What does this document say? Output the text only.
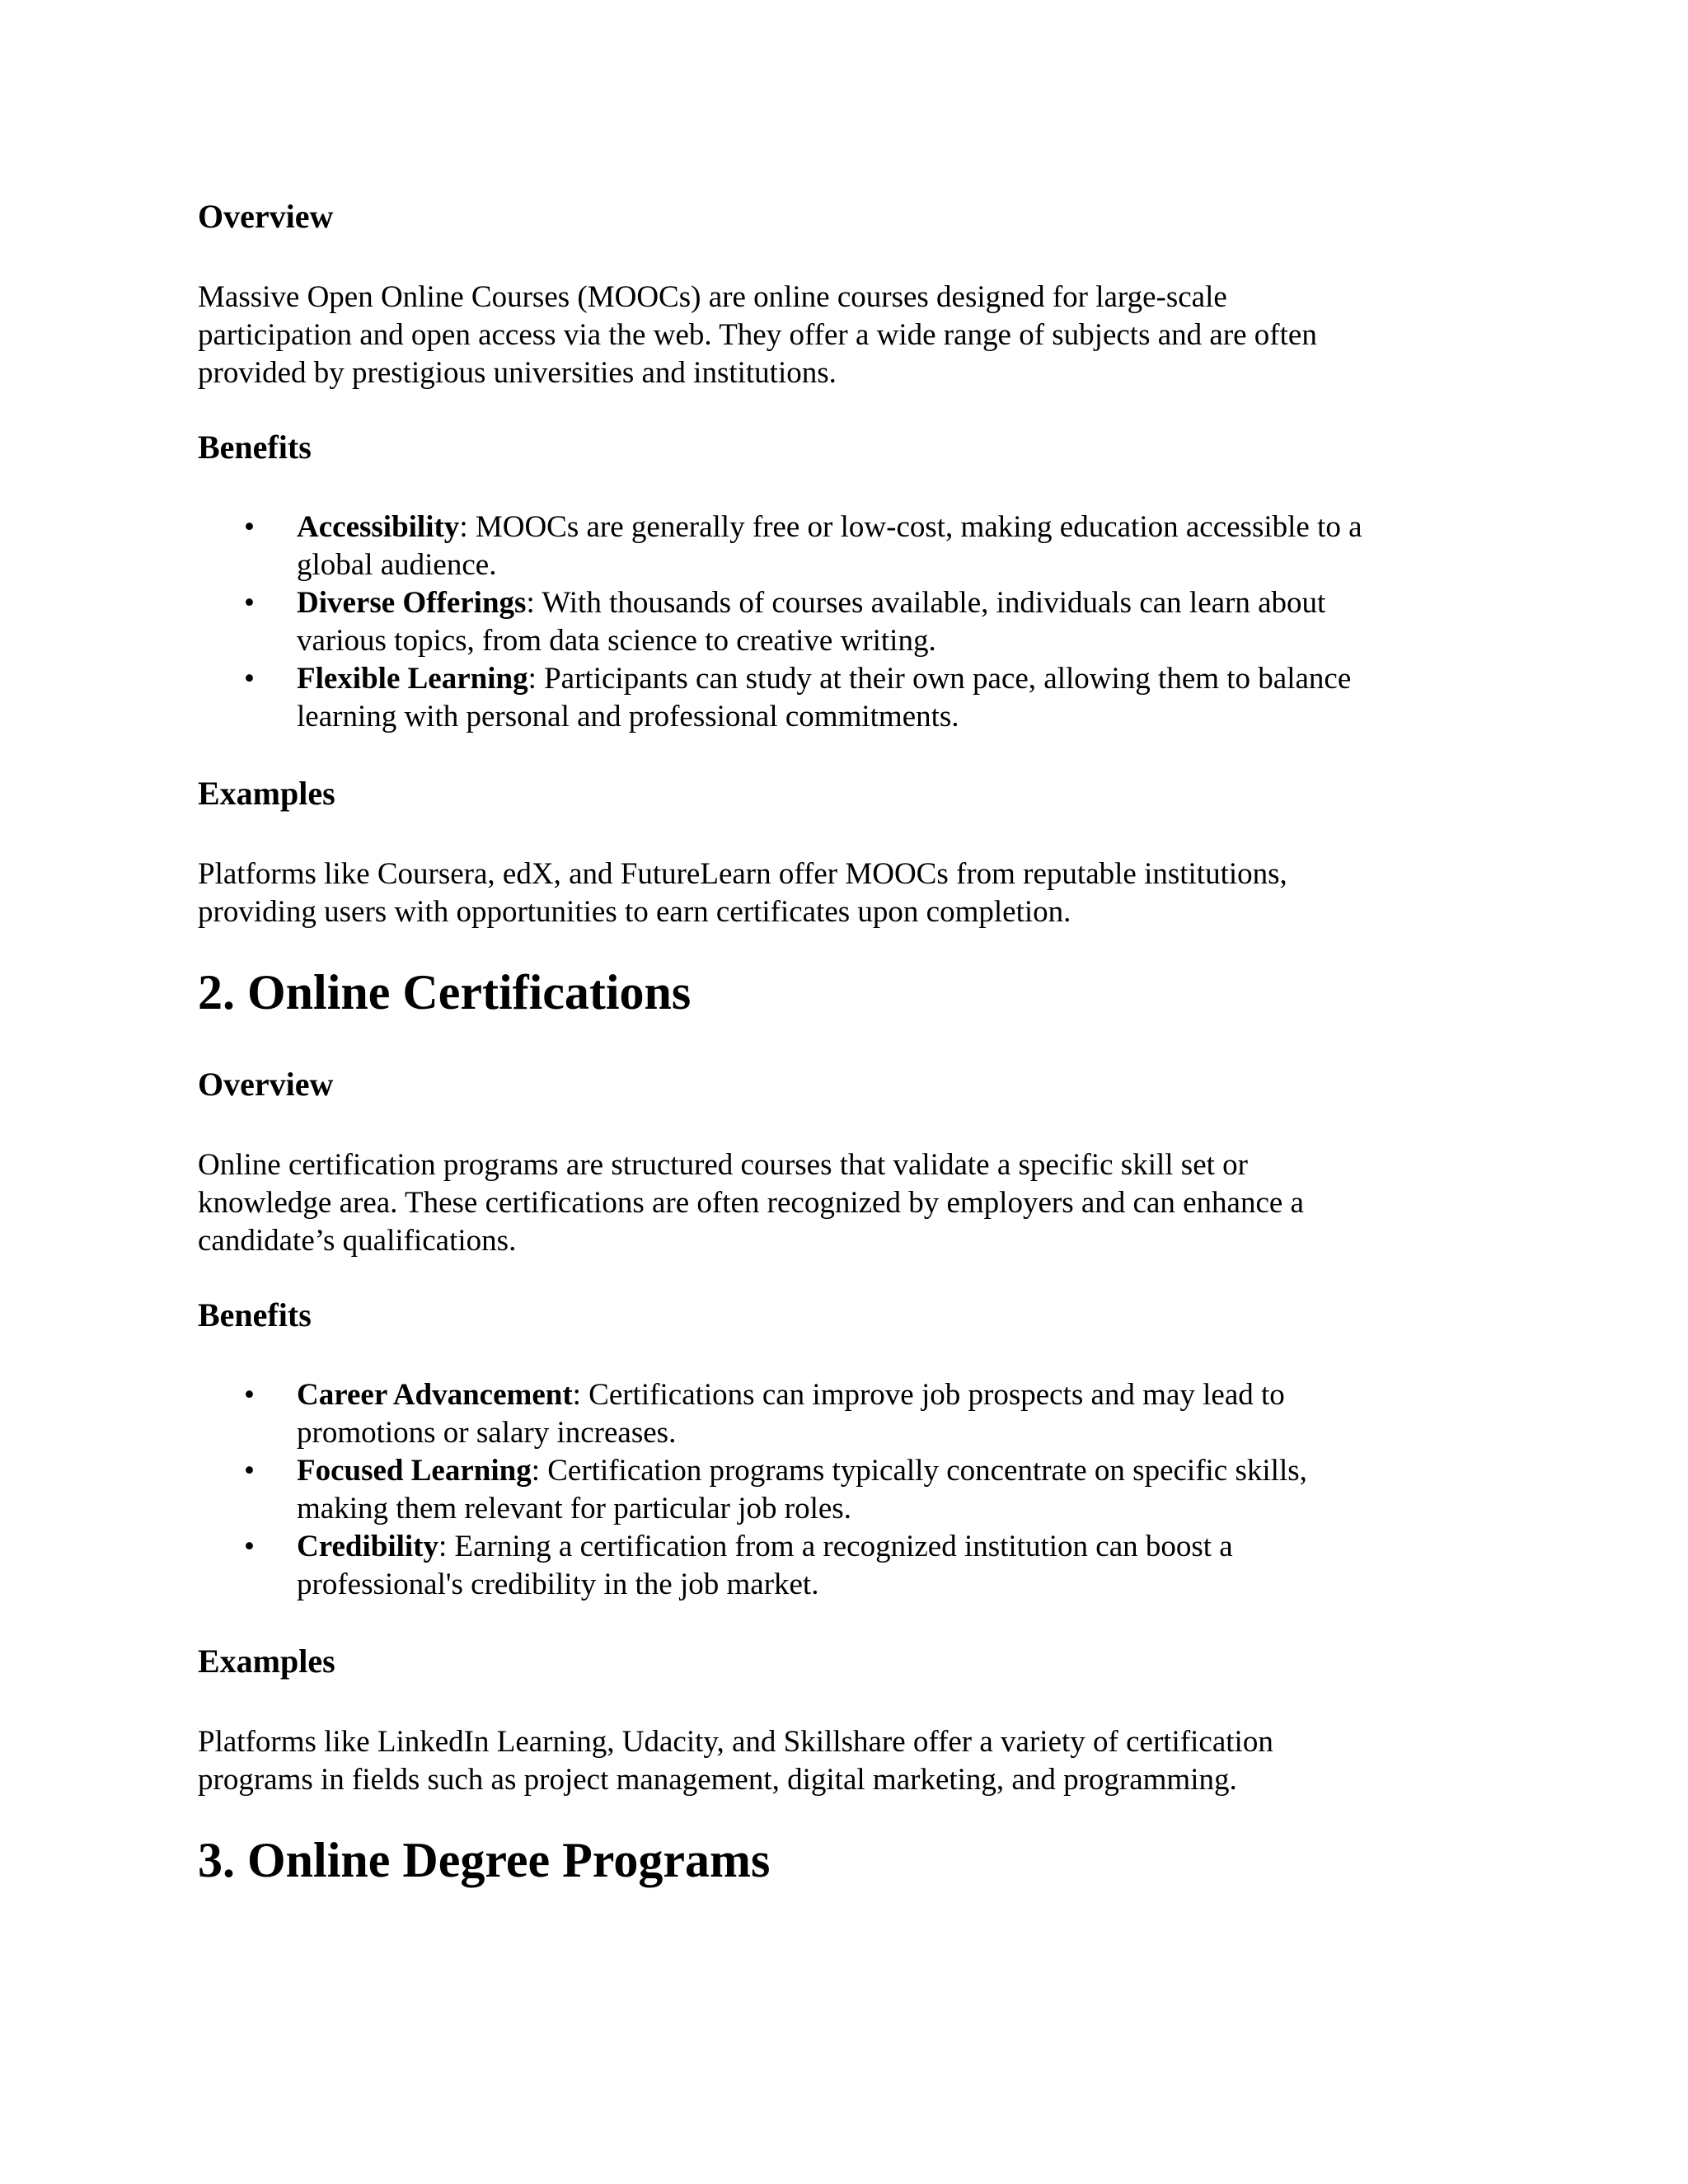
Overview

Massive Open Online Courses (MOOCs) are online courses designed for large-scale
participation and open access via the web. They offer a wide range of subjects and are often
provided by prestigious universities and institutions.

Benefits
• Accessibility: MOOCs are generally free or low-cost, making education accessible to a
global audience.
• Diverse Offerings: With thousands of courses available, individuals can learn about
various topics, from data science to creative writing.
• Flexible Learning: Participants can study at their own pace, allowing them to balance
learning with personal and professional commitments.
Examples

Platforms like Coursera, edX, and FutureLearn offer MOOCs from reputable institutions,
providing users with opportunities to earn certificates upon completion.

2. Online Certifications
Overview

Online certification programs are structured courses that validate a specific skill set or
knowledge area. These certifications are often recognized by employers and can enhance a
candidate’s qualifications.

Benefits
• Career Advancement: Certifications can improve job prospects and may lead to
promotions or salary increases.
• Focused Learning: Certification programs typically concentrate on specific skills,
making them relevant for particular job roles.
• Credibility: Earning a certification from a recognized institution can boost a
professional's credibility in the job market.
Examples

Platforms like LinkedIn Learning, Udacity, and Skillshare offer a variety of certification
programs in fields such as project management, digital marketing, and programming.

3. Online Degree Programs
